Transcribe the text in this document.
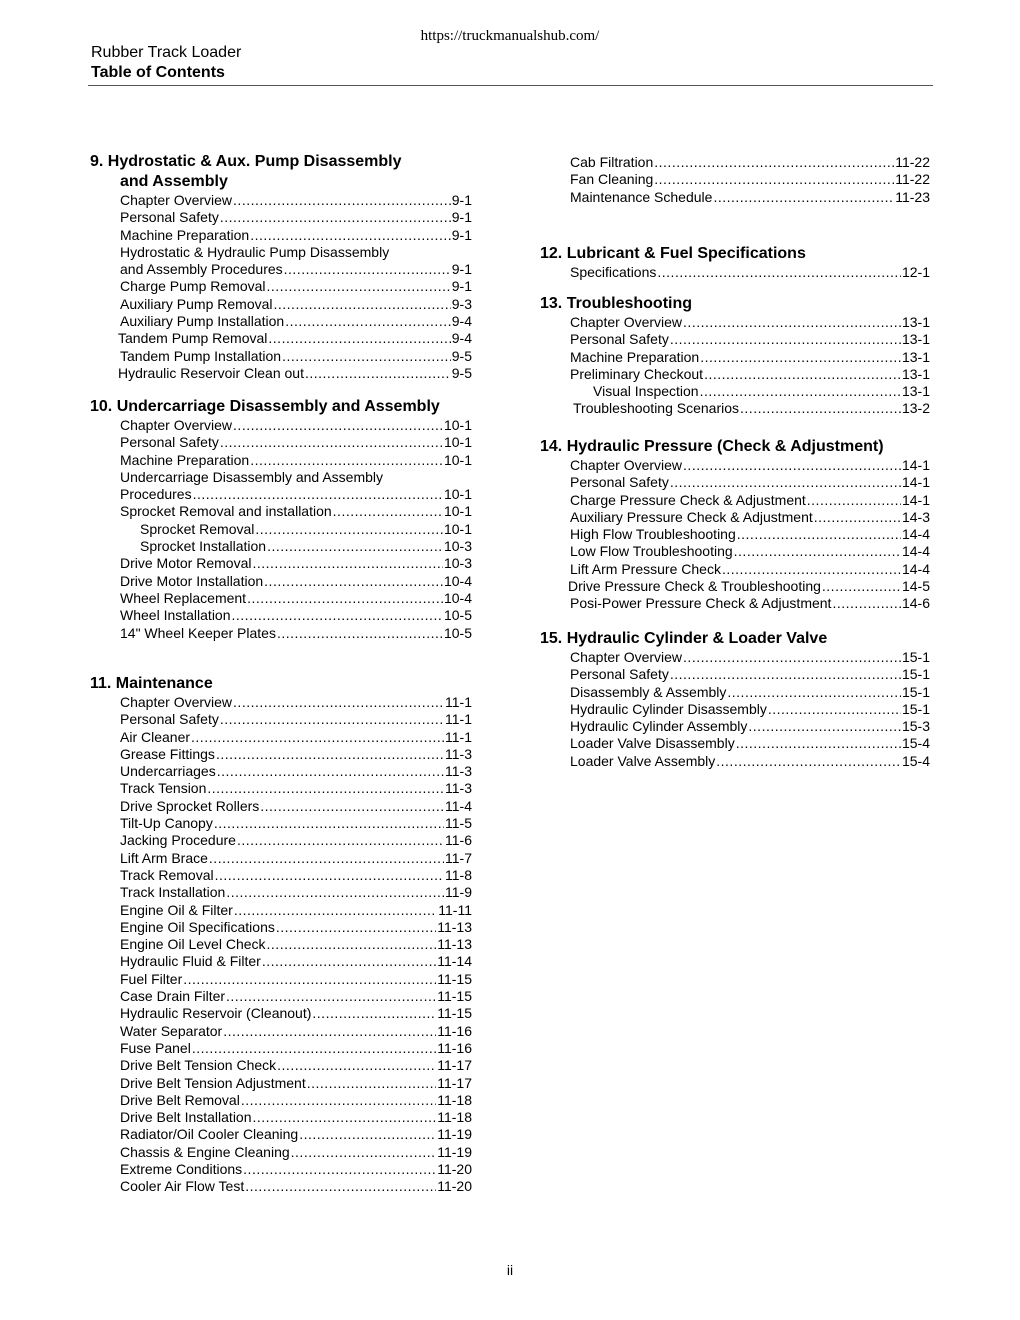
https://truckmanualshub.com/
Rubber Track Loader
Table of Contents
9. Hydrostatic & Aux. Pump Disassembly
and Assembly
Chapter Overview .....	9-1
Personal Safety .....	9-1
Machine Preparation .....	9-1
Hydrostatic & Hydraulic Pump Disassembly
and Assembly Procedures .....	9-1
Charge Pump Removal .....	9-1
Auxiliary Pump Removal .....	9-3
Auxiliary Pump Installation .....	9-4
Tandem Pump Removal .....	9-4
Tandem Pump Installation .....	9-5
Hydraulic Reservoir Clean out .....	9-5
10. Undercarriage Disassembly and Assembly
Chapter Overview .....	10-1
Personal Safety .....	10-1
Machine Preparation .....	10-1
Undercarriage Disassembly and Assembly
Procedures .....	10-1
Sprocket Removal and installation .....	10-1
Sprocket Removal .....	10-1
Sprocket Installation .....	10-3
Drive Motor Removal .....	10-3
Drive Motor Installation .....	10-4
Wheel Replacement .....	10-4
Wheel Installation .....	10-5
14" Wheel Keeper Plates .....	10-5
11. Maintenance
Chapter Overview .....	11-1
Personal Safety .....	11-1
Air Cleaner .....	11-1
Grease Fittings .....	11-3
Undercarriages .....	11-3
Track Tension .....	11-3
Drive Sprocket Rollers .....	11-4
Tilt-Up Canopy .....	11-5
Jacking Procedure .....	11-6
Lift Arm Brace .....	11-7
Track Removal .....	11-8
Track Installation .....	11-9
Engine Oil & Filter .....	11-11
Engine Oil Specifications .....	11-13
Engine Oil Level Check .....	11-13
Hydraulic Fluid & Filter .....	11-14
Fuel Filter .....	11-15
Case Drain Filter .....	11-15
Hydraulic Reservoir (Cleanout) .....	11-15
Water Separator .....	11-16
Fuse Panel .....	11-16
Drive Belt Tension Check .....	11-17
Drive Belt Tension Adjustment .....	11-17
Drive Belt Removal .....	11-18
Drive Belt Installation .....	11-18
Radiator/Oil Cooler Cleaning .....	11-19
Chassis & Engine Cleaning .....	11-19
Extreme Conditions .....	11-20
Cooler Air Flow Test .....	11-20
Cab Filtration .....	11-22
Fan Cleaning .....	11-22
Maintenance Schedule .....	11-23
12. Lubricant & Fuel Specifications
Specifications .....	12-1
13. Troubleshooting
Chapter Overview .....	13-1
Personal Safety .....	13-1
Machine Preparation .....	13-1
Preliminary Checkout .....	13-1
Visual Inspection .....	13-1
Troubleshooting Scenarios .....	13-2
14. Hydraulic Pressure (Check & Adjustment)
Chapter Overview .....	14-1
Personal Safety .....	14-1
Charge Pressure Check & Adjustment .....	14-1
Auxiliary Pressure Check & Adjustment .....	14-3
High Flow Troubleshooting .....	14-4
Low Flow Troubleshooting .....	14-4
Lift Arm Pressure Check .....	14-4
Drive Pressure Check & Troubleshooting .....	14-5
Posi-Power Pressure Check & Adjustment .....	14-6
15. Hydraulic Cylinder & Loader Valve
Chapter Overview .....	15-1
Personal Safety .....	15-1
Disassembly & Assembly .....	15-1
Hydraulic Cylinder Disassembly .....	15-1
Hydraulic Cylinder Assembly .....	15-3
Loader Valve Disassembly .....	15-4
Loader Valve Assembly .....	15-4
ii
